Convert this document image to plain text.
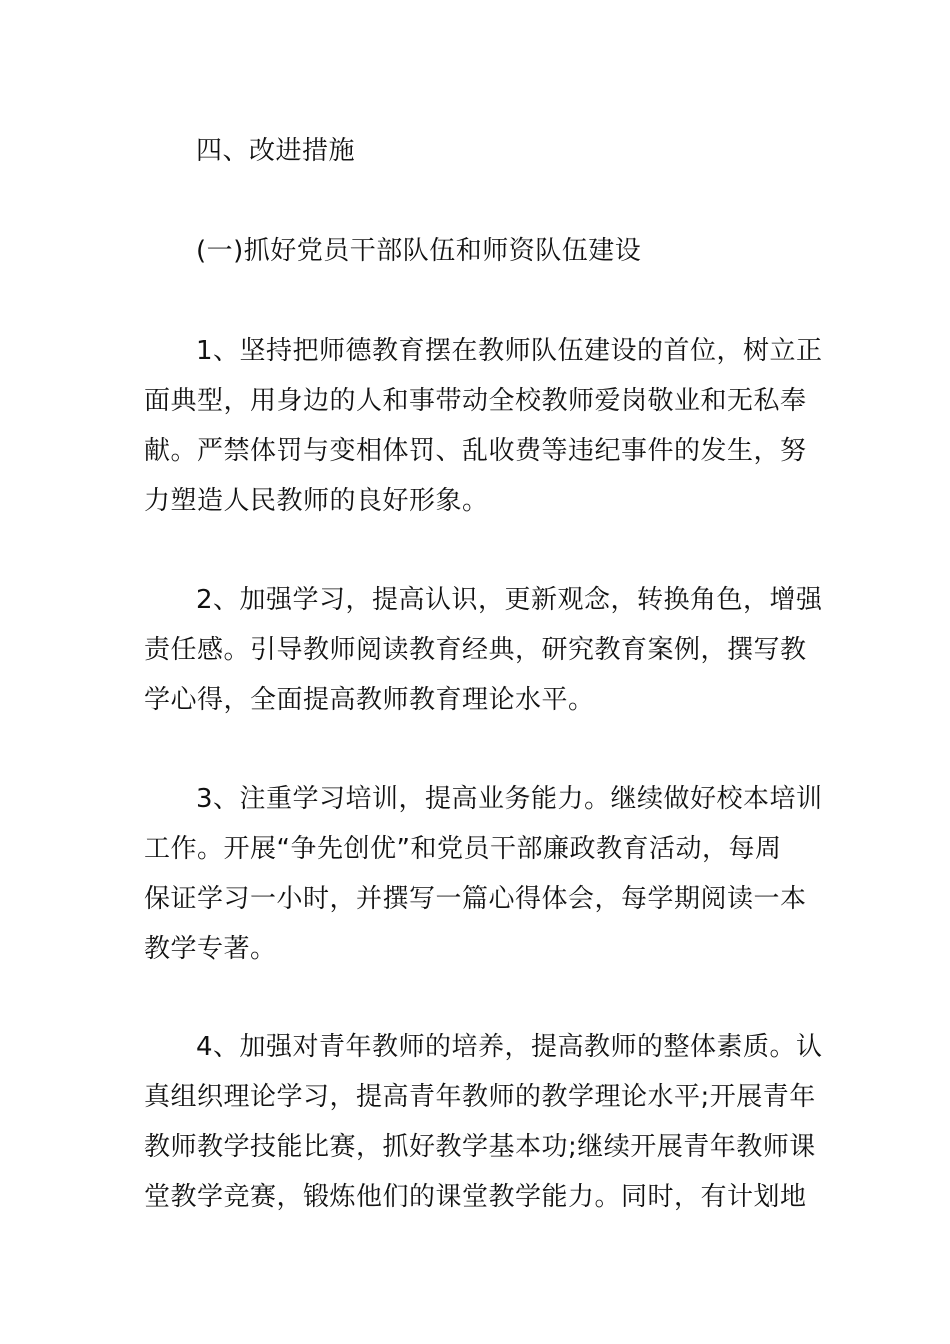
四、改进措施
(一)抓好党员干部队伍和师资队伍建设
1、坚持把师德教育摆在教师队伍建设的首位，树立正
面典型，用身边的人和事带动全校教师爱岗敬业和无私奉
献。严禁体罚与变相体罚、乱收费等违纪事件的发生，努
力塑造人民教师的良好形象。
2、加强学习，提高认识，更新观念，转换角色，增强
责任感。引导教师阅读教育经典，研究教育案例，撰写教
学心得，全面提高教师教育理论水平。
3、注重学习培训，提高业务能力。继续做好校本培训
工作。开展“争先创优”和党员干部廉政教育活动，每周
保证学习一小时，并撰写一篇心得体会，每学期阅读一本
教学专著。
4、加强对青年教师的培养，提高教师的整体素质。认
真组织理论学习，提高青年教师的教学理论水平;开展青年
教师教学技能比赛，抓好教学基本功;继续开展青年教师课
堂教学竞赛，锻炼他们的课堂教学能力。同时，有计划地
